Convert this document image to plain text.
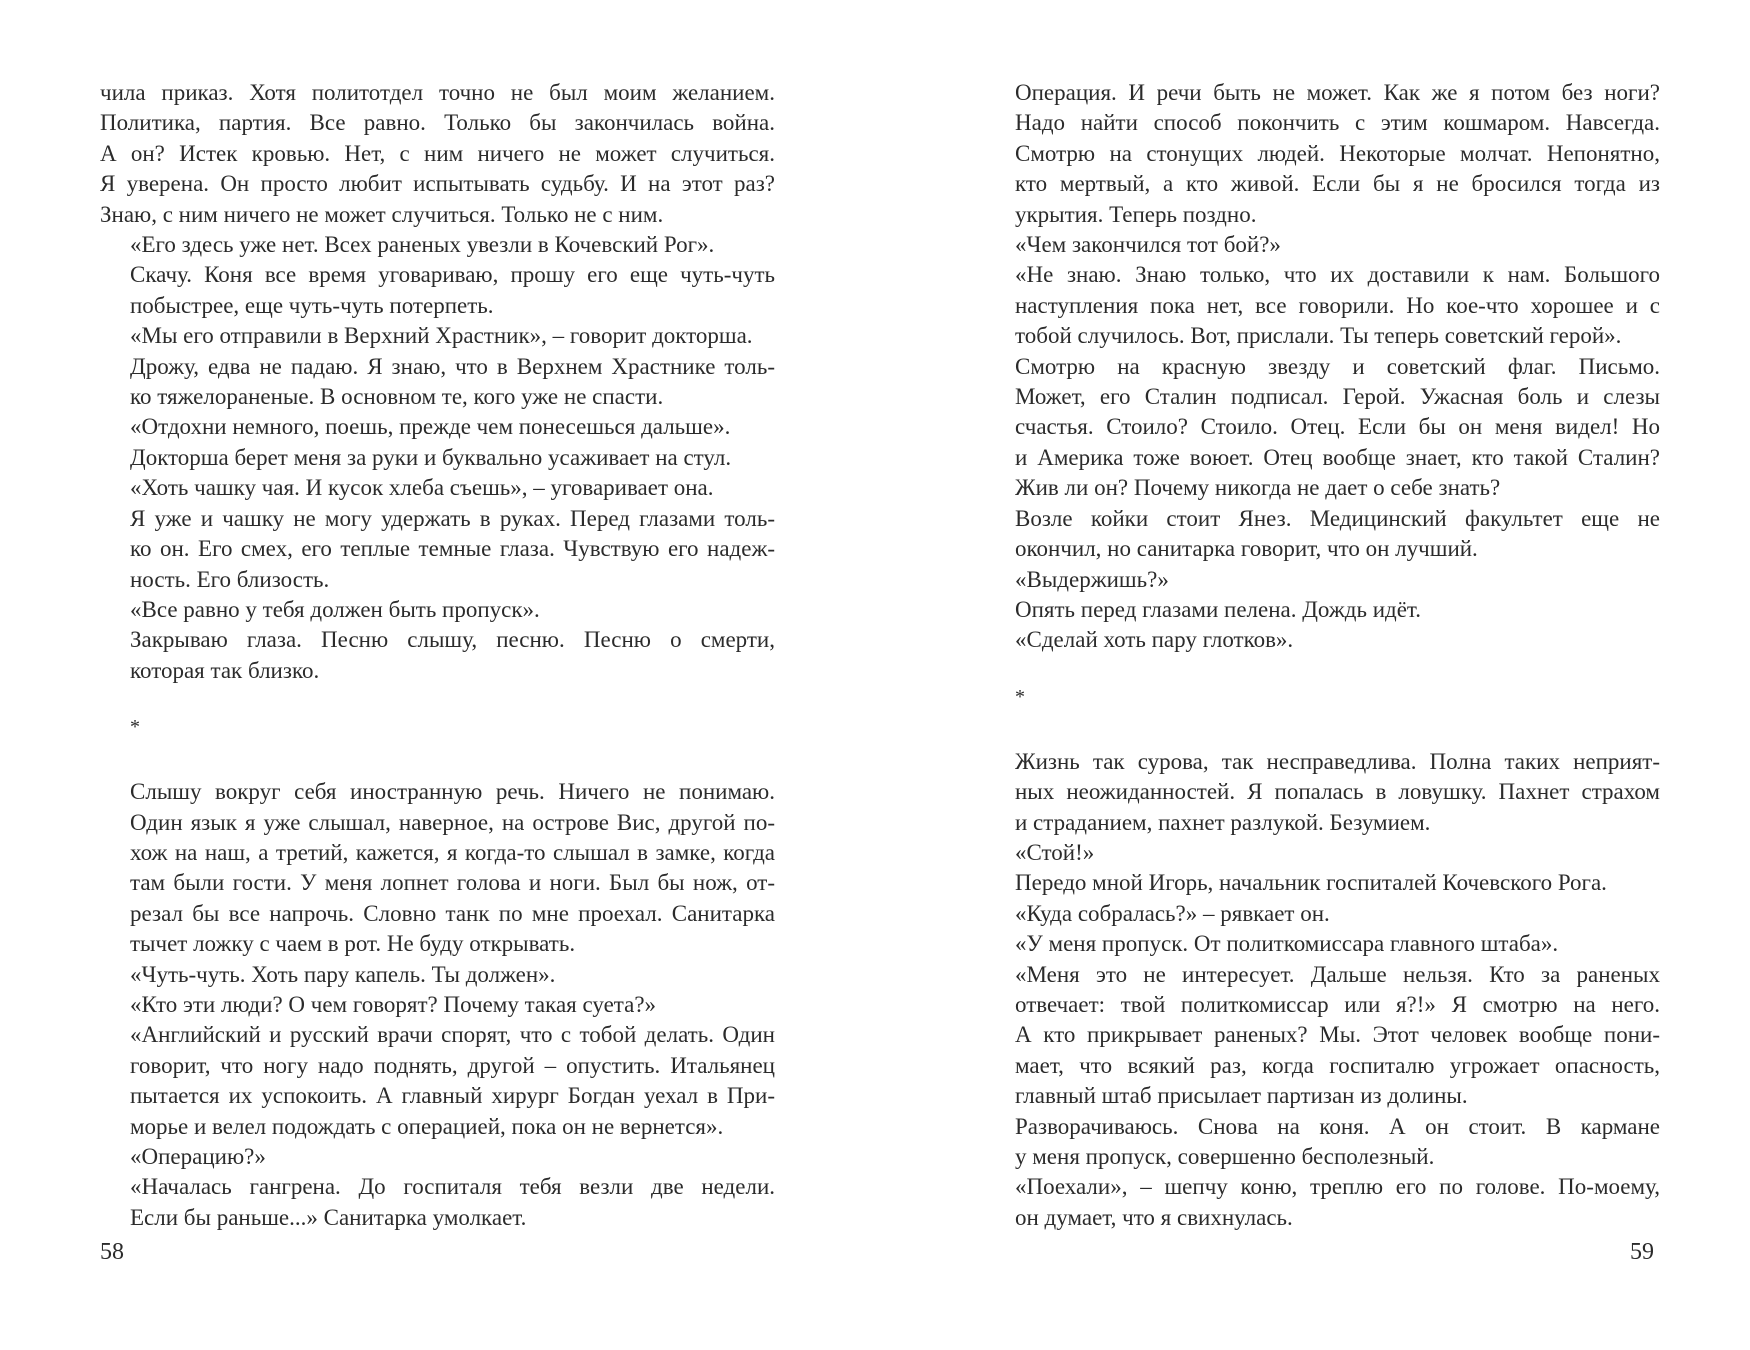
чила приказ. Хотя политотдел точно не был моим желанием.
Политика, партия. Все равно. Только бы закончилась война.
А он? Истек кровью. Нет, с ним ничего не может случиться.
Я уверена. Он просто любит испытывать судьбу. И на этот раз?
Знаю, с ним ничего не может случиться. Только не с ним.
«Его здесь уже нет. Всех раненых увезли в Кочевский Рог».
Скачу. Коня все время уговариваю, прошу его еще чуть-чуть
побыстрее, еще чуть-чуть потерпеть.
«Мы его отправили в Верхний Храстник», – говорит докторша.
Дрожу, едва не падаю. Я знаю, что в Верхнем Храстнике толь-
ко тяжелораненые. В основном те, кого уже не спасти.
«Отдохни немного, поешь, прежде чем понесешься дальше».
Докторша берет меня за руки и буквально усаживает на стул.
«Хоть чашку чая. И кусок хлеба съешь», – уговаривает она.
Я уже и чашку не могу удержать в руках. Перед глазами толь-
ко он. Его смех, его теплые темные глаза. Чувствую его надеж-
ность. Его близость.
«Все равно у тебя должен быть пропуск».
Закрываю глаза. Песню слышу, песню. Песню о смерти,
которая так близко.
*
Слышу вокруг себя иностранную речь. Ничего не понимаю.
Один язык я уже слышал, наверное, на острове Вис, другой по-
хож на наш, а третий, кажется, я когда-то слышал в замке, когда
там были гости. У меня лопнет голова и ноги. Был бы нож, от-
резал бы все напрочь. Словно танк по мне проехал. Санитарка
тычет ложку с чаем в рот. Не буду открывать.
«Чуть-чуть. Хоть пару капель. Ты должен».
«Кто эти люди? О чем говорят? Почему такая суета?»
«Английский и русский врачи спорят, что с тобой делать. Один
говорит, что ногу надо поднять, другой – опустить. Итальянец
пытается их успокоить. А главный хирург Богдан уехал в При-
морье и велел подождать с операцией, пока он не вернется».
«Операцию?»
«Началась гангрена. До госпиталя тебя везли две недели.
Если бы раньше...» Санитарка умолкает.
Операция. И речи быть не может. Как же я потом без ноги?
Надо найти способ покончить с этим кошмаром. Навсегда.
Смотрю на стонущих людей. Некоторые молчат. Непонятно,
кто мертвый, а кто живой. Если бы я не бросился тогда из
укрытия. Теперь поздно.
«Чем закончился тот бой?»
«Не знаю. Знаю только, что их доставили к нам. Большого
наступления пока нет, все говорили. Но кое-что хорошее и с
тобой случилось. Вот, прислали. Ты теперь советский герой».
Смотрю на красную звезду и советский флаг. Письмо.
Может, его Сталин подписал. Герой. Ужасная боль и слезы
счастья. Стоило? Стоило. Отец. Если бы он меня видел! Но
и Америка тоже воюет. Отец вообще знает, кто такой Сталин?
Жив ли он? Почему никогда не дает о себе знать?
Возле койки стоит Янез. Медицинский факультет еще не
окончил, но санитарка говорит, что он лучший.
«Выдержишь?»
Опять перед глазами пелена. Дождь идёт.
«Сделай хоть пару глотков».
*
Жизнь так сурова, так несправедлива. Полна таких неприят-
ных неожиданностей. Я попалась в ловушку. Пахнет страхом
и страданием, пахнет разлукой. Безумием.
«Стой!»
Передо мной Игорь, начальник госпиталей Кочевского Рога.
«Куда собралась?» – рявкает он.
«У меня пропуск. От политкомиссара главного штаба».
«Меня это не интересует. Дальше нельзя. Кто за раненых
отвечает: твой политкомиссар или я?!» Я смотрю на него.
А кто прикрывает раненых? Мы. Этот человек вообще пони-
мает, что всякий раз, когда госпиталю угрожает опасность,
главный штаб присылает партизан из долины.
Разворачиваюсь. Снова на коня. А он стоит. В кармане
у меня пропуск, совершенно бесполезный.
«Поехали», – шепчу коню, треплю его по голове. По-моему,
он думает, что я свихнулась.
58	59
